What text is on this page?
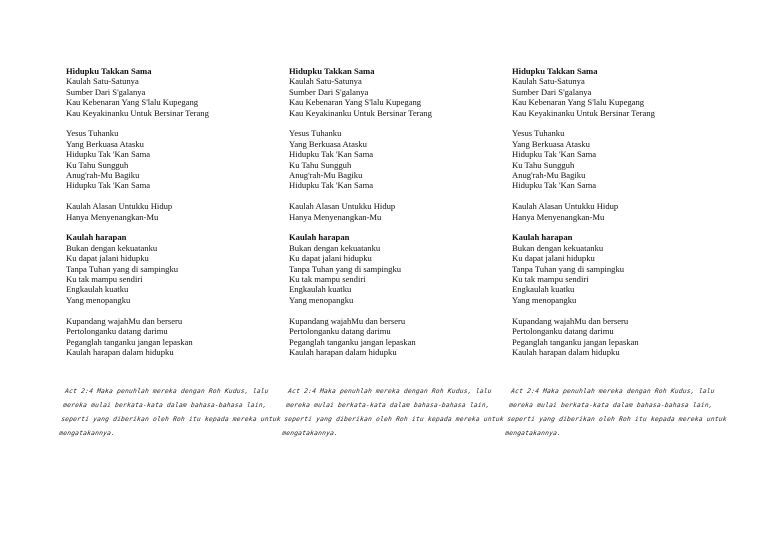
Hidupku Takkan Sama
Kaulah Satu-Satunya
Sumber Dari S'galanya
Kau Kebenaran Yang S'lalu Kupegang
Kau Keyakinanku Untuk Bersinar Terang
Yesus Tuhanku
Yang Berkuasa Atasku
Hidupku Tak 'Kan Sama
Ku Tahu Sungguh
Anug'rah-Mu Bagiku
Hidupku Tak 'Kan Sama
Kaulah Alasan Untukku Hidup
Hanya Menyenangkan-Mu
Kaulah harapan
Bukan dengan kekuatanku
Ku dapat jalani hidupku
Tanpa Tuhan yang di sampingku
Ku tak mampu sendiri
Engkaulah kuatku
Yang menopangku
Kupandang wajahMu dan berseru
Pertolonganku datang darimu
Peganglah tanganku jangan lepaskan
Kaulah harapan dalam hidupku
Act 2:4 Maka penuhlah mereka dengan Roh Kudus, lalu
mereka mulai berkata-kata dalam bahasa-bahasa lain,
seperti yang diberikan oleh Roh itu kepada mereka untuk
mengatakannya.
Hidupku Takkan Sama
Kaulah Satu-Satunya
Sumber Dari S'galanya
Kau Kebenaran Yang S'lalu Kupegang
Kau Keyakinanku Untuk Bersinar Terang
Yesus Tuhanku
Yang Berkuasa Atasku
Hidupku Tak 'Kan Sama
Ku Tahu Sungguh
Anug'rah-Mu Bagiku
Hidupku Tak 'Kan Sama
Kaulah Alasan Untukku Hidup
Hanya Menyenangkan-Mu
Kaulah harapan
Bukan dengan kekuatanku
Ku dapat jalani hidupku
Tanpa Tuhan yang di sampingku
Ku tak mampu sendiri
Engkaulah kuatku
Yang menopangku
Kupandang wajahMu dan berseru
Pertolonganku datang darimu
Peganglah tanganku jangan lepaskan
Kaulah harapan dalam hidupku
Act 2:4 Maka penuhlah mereka dengan Roh Kudus, lalu
mereka mulai berkata-kata dalam bahasa-bahasa lain,
seperti yang diberikan oleh Roh itu kepada mereka untuk
mengatakannya.
Hidupku Takkan Sama
Kaulah Satu-Satunya
Sumber Dari S'galanya
Kau Kebenaran Yang S'lalu Kupegang
Kau Keyakinanku Untuk Bersinar Terang
Yesus Tuhanku
Yang Berkuasa Atasku
Hidupku Tak 'Kan Sama
Ku Tahu Sungguh
Anug'rah-Mu Bagiku
Hidupku Tak 'Kan Sama
Kaulah Alasan Untukku Hidup
Hanya Menyenangkan-Mu
Kaulah harapan
Bukan dengan kekuatanku
Ku dapat jalani hidupku
Tanpa Tuhan yang di sampingku
Ku tak mampu sendiri
Engkaulah kuatku
Yang menopangku
Kupandang wajahMu dan berseru
Pertolonganku datang darimu
Peganglah tanganku jangan lepaskan
Kaulah harapan dalam hidupku
Act 2:4 Maka penuhlah mereka dengan Roh Kudus, lalu
mereka mulai berkata-kata dalam bahasa-bahasa lain,
seperti yang diberikan oleh Roh itu kepada mereka untuk
mengatakannya.
